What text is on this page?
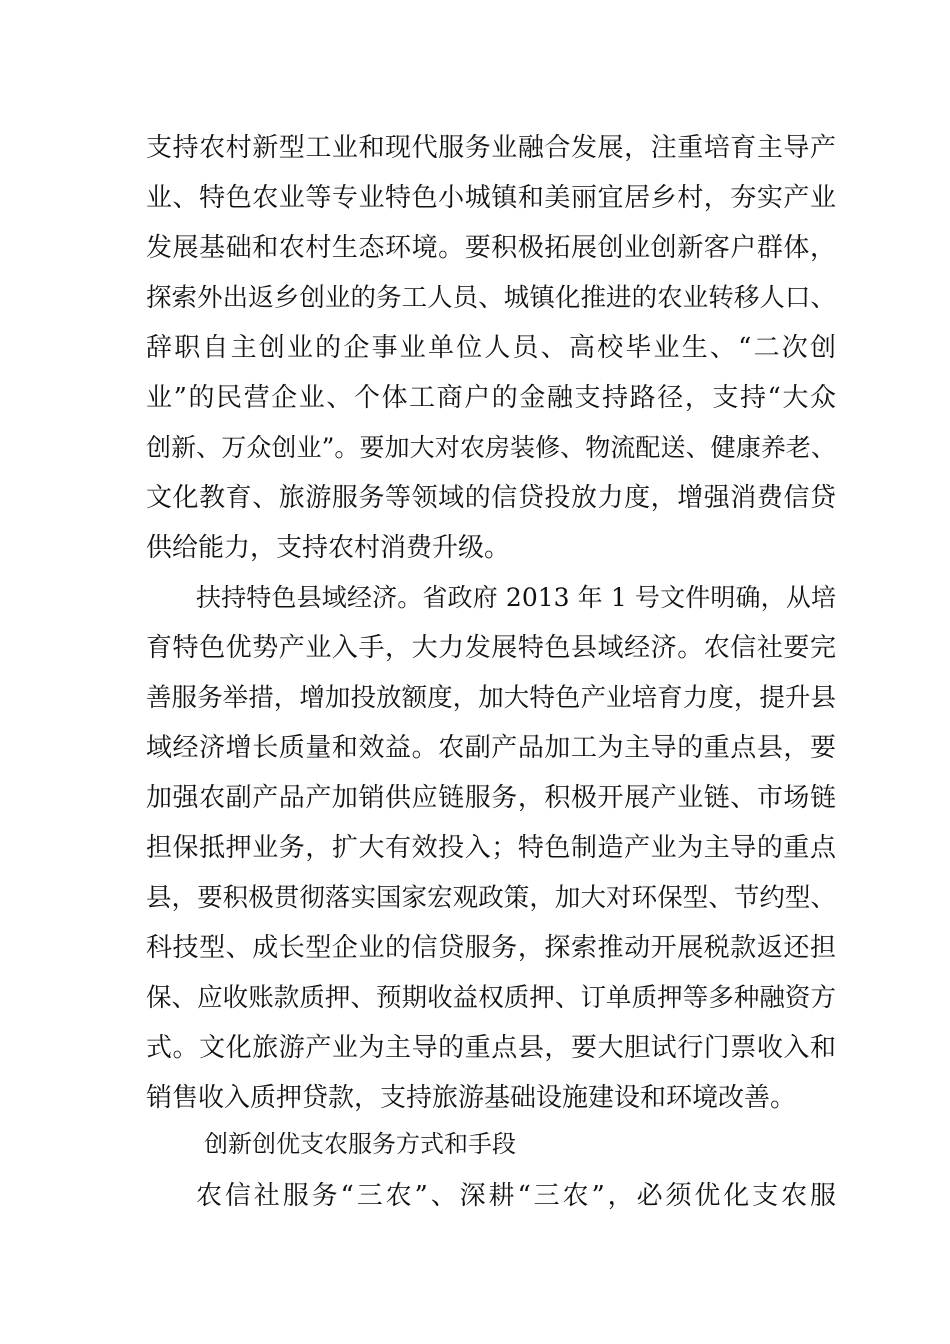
支持农村新型工业和现代服务业融合发展，注重培育主导产
业、特色农业等专业特色小城镇和美丽宜居乡村，夯实产业
发展基础和农村生态环境。要积极拓展创业创新客户群体，
探索外出返乡创业的务工人员、城镇化推进的农业转移人口、
辞职自主创业的企事业单位人员、高校毕业生、“二次创
业”的民营企业、个体工商户的金融支持路径，支持“大众
创新、万众创业”。要加大对农房装修、物流配送、健康养老、
文化教育、旅游服务等领域的信贷投放力度，增强消费信贷
供给能力，支持农村消费升级。
扶持特色县域经济。省政府 2013 年 1 号文件明确，从培
育特色优势产业入手，大力发展特色县域经济。农信社要完
善服务举措，增加投放额度，加大特色产业培育力度，提升县
域经济增长质量和效益。农副产品加工为主导的重点县，要
加强农副产品产加销供应链服务，积极开展产业链、市场链
担保抵押业务，扩大有效投入；特色制造产业为主导的重点
县，要积极贯彻落实国家宏观政策，加大对环保型、节约型、
科技型、成长型企业的信贷服务，探索推动开展税款返还担
保、应收账款质押、预期收益权质押、订单质押等多种融资方
式。文化旅游产业为主导的重点县，要大胆试行门票收入和
销售收入质押贷款，支持旅游基础设施建设和环境改善。
创新创优支农服务方式和手段
农信社服务“三农”、深耕“三农”，必须优化支农服
